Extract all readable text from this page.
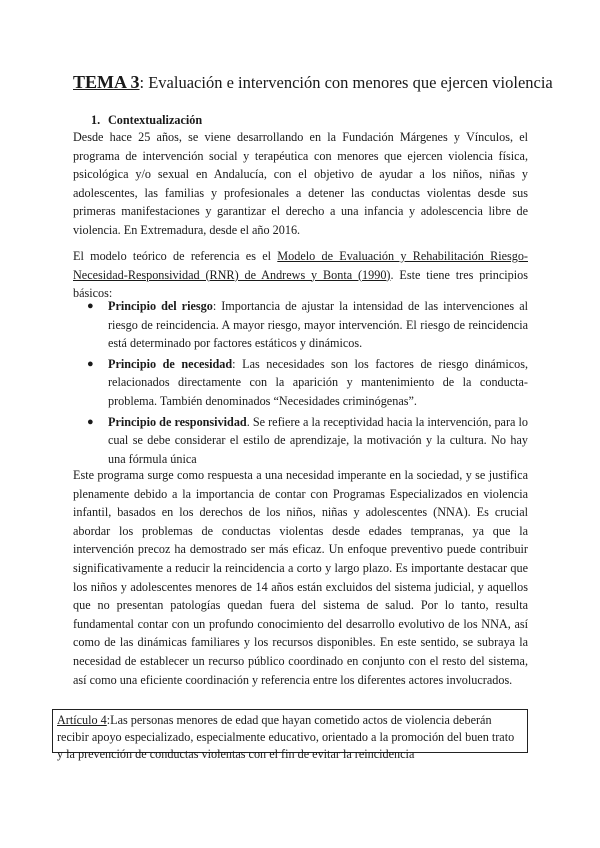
TEMA 3: Evaluación e intervención con menores que ejercen violencia
1. Contextualización
Desde hace 25 años, se viene desarrollando en la Fundación Márgenes y Vínculos, el programa de intervención social y terapéutica con menores que ejercen violencia física, psicológica y/o sexual en Andalucía, con el objetivo de ayudar a los niños, niñas y adolescentes, las familias y profesionales a detener las conductas violentas desde sus primeras manifestaciones y garantizar el derecho a una infancia y adolescencia libre de violencia. En Extremadura, desde el año 2016.
El modelo teórico de referencia es el Modelo de Evaluación y Rehabilitación Riesgo-Necesidad-Responsividad (RNR) de Andrews y Bonta (1990). Este tiene tres principios básicos:
● Principio del riesgo: Importancia de ajustar la intensidad de las intervenciones al riesgo de reincidencia. A mayor riesgo, mayor intervención. El riesgo de reincidencia está determinado por factores estáticos y dinámicos.
● Principio de necesidad: Las necesidades son los factores de riesgo dinámicos, relacionados directamente con la aparición y mantenimiento de la conducta-problema. También denominados “Necesidades criminógenas”.
● Principio de responsividad. Se refiere a la receptividad hacia la intervención, para lo cual se debe considerar el estilo de aprendizaje, la motivación y la cultura. No hay una fórmula única
Este programa surge como respuesta a una necesidad imperante en la sociedad, y se justifica plenamente debido a la importancia de contar con Programas Especializados en violencia infantil, basados en los derechos de los niños, niñas y adolescentes (NNA). Es crucial abordar los problemas de conductas violentas desde edades tempranas, ya que la intervención precoz ha demostrado ser más eficaz. Un enfoque preventivo puede contribuir significativamente a reducir la reincidencia a corto y largo plazo. Es importante destacar que los niños y adolescentes menores de 14 años están excluidos del sistema judicial, y aquellos que no presentan patologías quedan fuera del sistema de salud. Por lo tanto, resulta fundamental contar con un profundo conocimiento del desarrollo evolutivo de los NNA, así como de las dinámicas familiares y los recursos disponibles. En este sentido, se subraya la necesidad de establecer un recurso público coordinado en conjunto con el resto del sistema, así como una eficiente coordinación y referencia entre los diferentes actores involucrados.
Artículo 4:Las personas menores de edad que hayan cometido actos de violencia deberán recibir apoyo especializado, especialmente educativo, orientado a la promoción del buen trato y la prevención de conductas violentas con el fin de evitar la reincidencia
